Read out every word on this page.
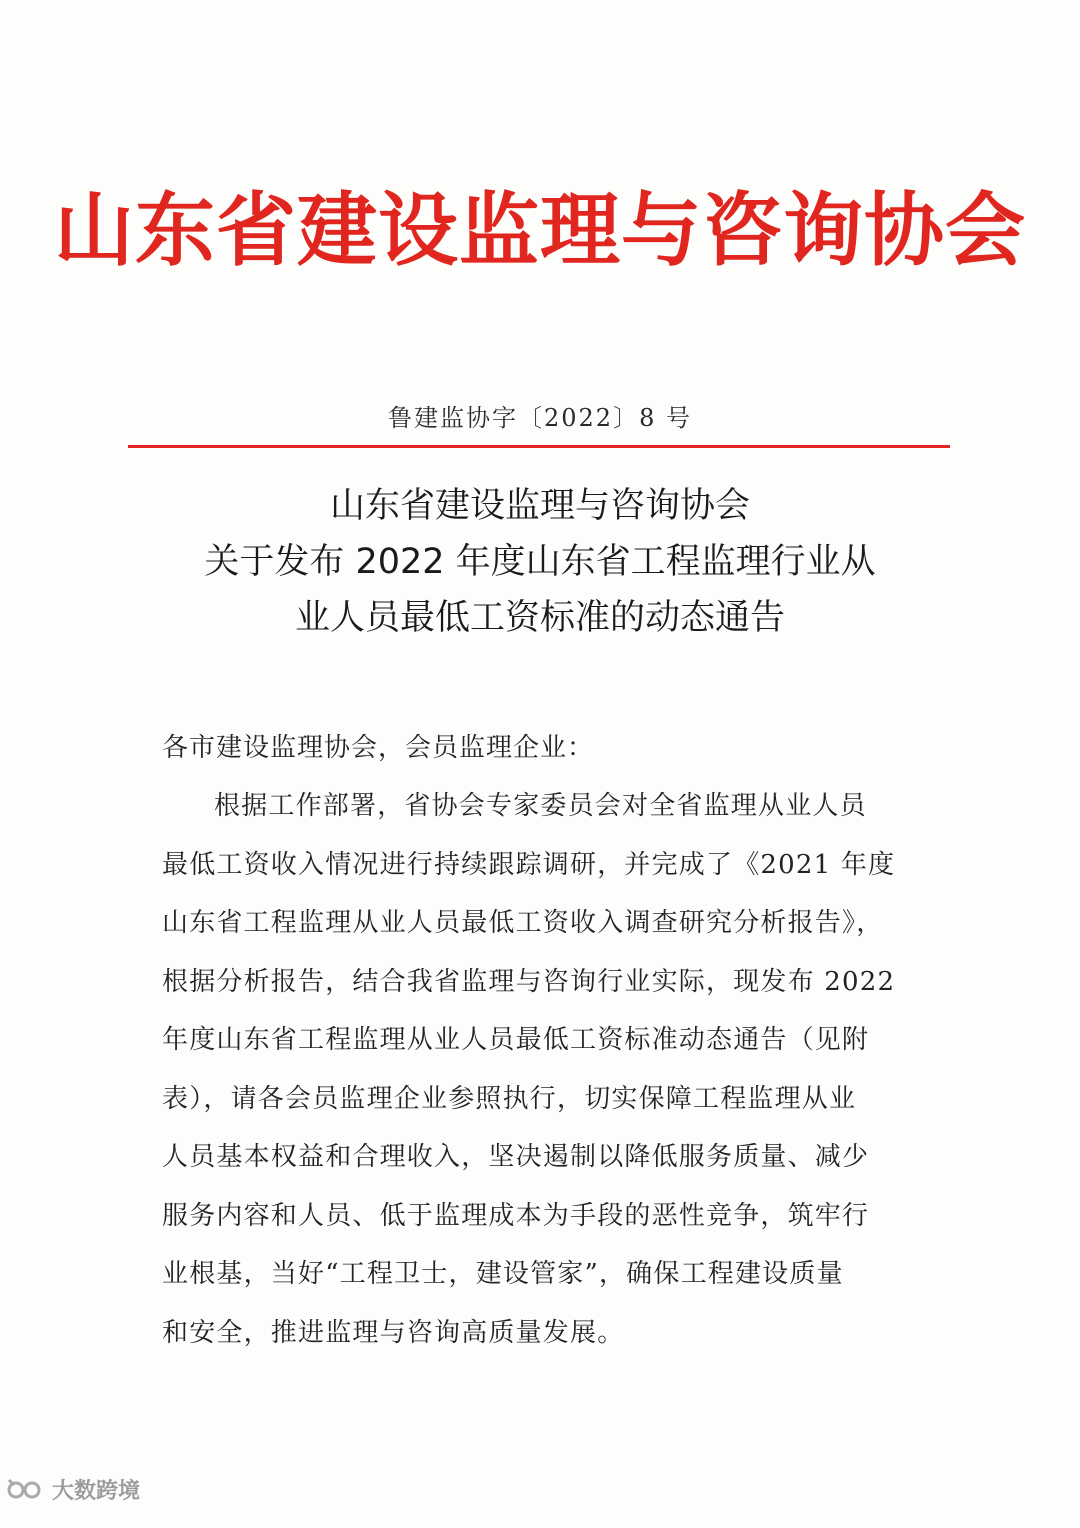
山东省建设监理与咨询协会
鲁建监协字〔2022〕8 号
山东省建设监理与咨询协会
关于发布 2022 年度山东省工程监理行业从
业人员最低工资标准的动态通告
各市建设监理协会，会员监理企业：
根据工作部署，省协会专家委员会对全省监理从业人员
最低工资收入情况进行持续跟踪调研，并完成了《2021 年度
山东省工程监理从业人员最低工资收入调查研究分析报告》，
根据分析报告，结合我省监理与咨询行业实际，现发布 2022
年度山东省工程监理从业人员最低工资标准动态通告（见附
表），请各会员监理企业参照执行，切实保障工程监理从业
人员基本权益和合理收入，坚决遏制以降低服务质量、减少
服务内容和人员、低于监理成本为手段的恶性竞争，筑牢行
业根基，当好“工程卫士，建设管家”，确保工程建设质量
和安全，推进监理与咨询高质量发展。
大数跨境
